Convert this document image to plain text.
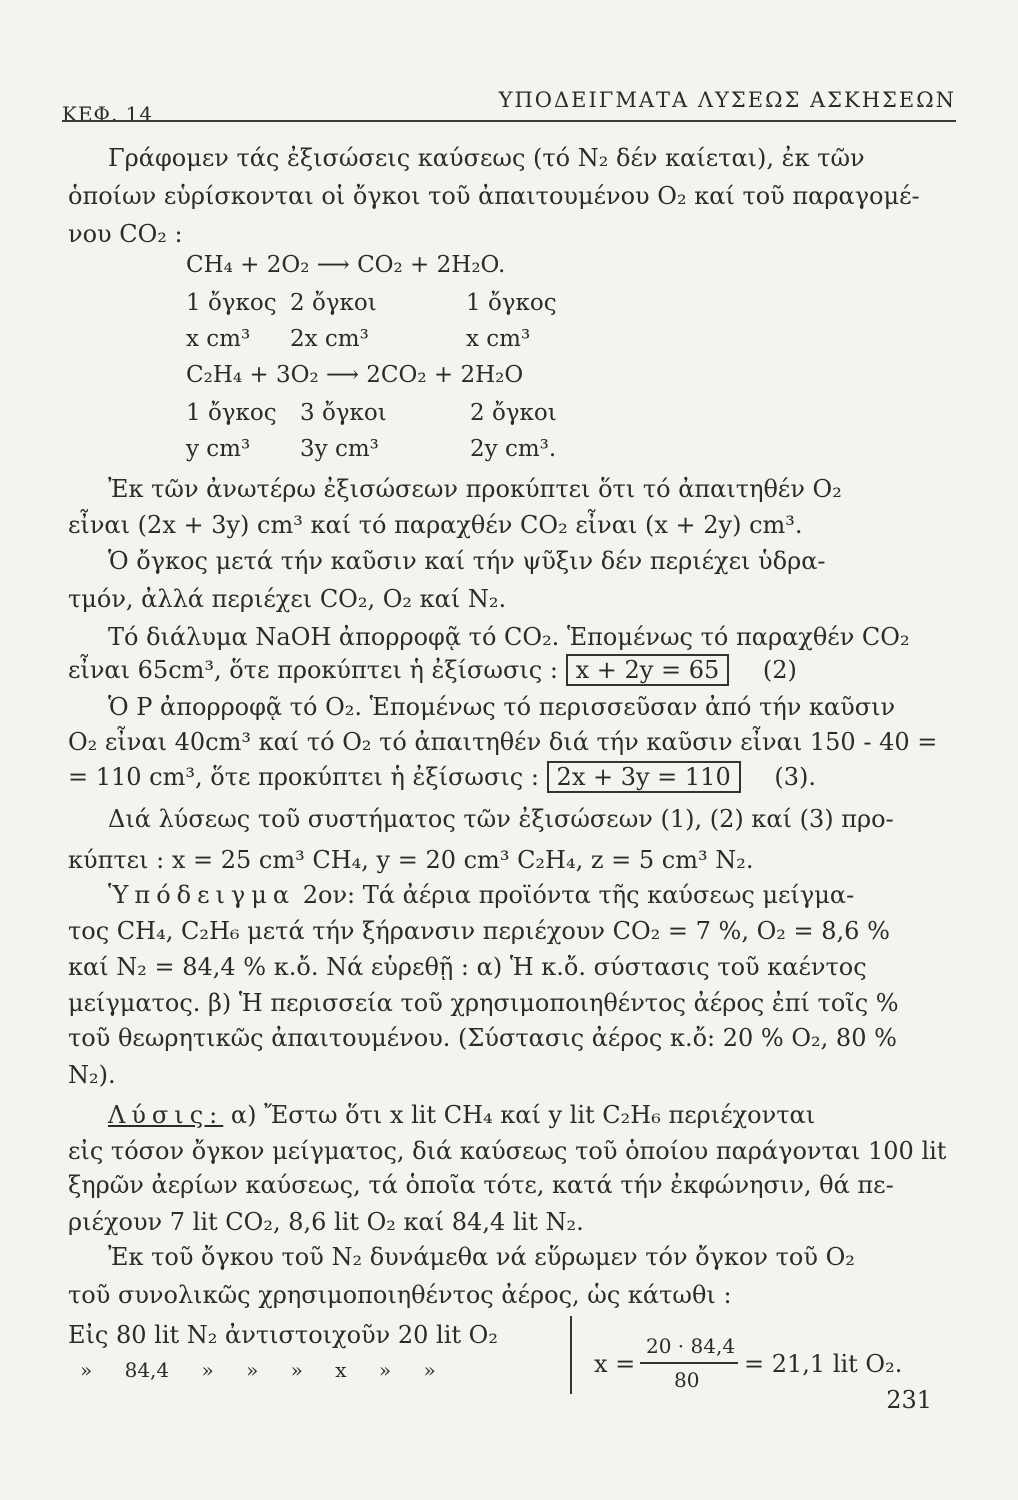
ΚΕΦ. 14
ΥΠΟΔΕΙΓΜΑΤΑ ΛΥΣΕΩΣ ΑΣΚΗΣΕΩΝ
Γράφομεν τάς ἐξισώσεις καύσεως (τό N₂ δέν καίεται), ἐκ τῶν
ὁποίων εὑρίσκονται οἱ ὄγκοι τοῦ ἀπαιτουμένου O₂ καί τοῦ παραγομέ-
νου CO₂ :
CH₄ + 2O₂ ⟶ CO₂ + 2H₂O.
1 ὄγκος 2 ὄγκοι	1 ὄγκος
x cm³ 2x cm³	x cm³
C₂H₄ + 3O₂ ⟶ 2CO₂ + 2H₂O
1 ὄγκος 3 ὄγκοι	2 ὄγκοι
y cm³ 3y cm³	2y cm³.
Ἐκ τῶν ἀνωτέρω ἐξισώσεων προκύπτει ὅτι τό ἀπαιτηθέν O₂
εἶναι (2x + 3y) cm³ καί τό παραχθέν CO₂ εἶναι (x + 2y) cm³.
Ὁ ὄγκος μετά τήν καῦσιν καί τήν ψῦξιν δέν περιέχει ὑδρα-
τμόν, ἀλλά περιέχει CO₂, O₂ καί N₂.
Τό διάλυμα NaOH ἀπορροφᾷ τό CO₂. Ἑπομένως τό παραχθέν CO₂
εἶναι 65cm³, ὅτε προκύπτει ἡ ἐξίσωσις : x + 2y = 65 (2)
Ὁ P ἀπορροφᾷ τό O₂. Ἑπομένως τό περισσεῦσαν ἀπό τήν καῦσιν
O₂ εἶναι 40cm³ καί τό O₂ τό ἀπαιτηθέν διά τήν καῦσιν εἶναι 150 - 40 =
= 110 cm³, ὅτε προκύπτει ἡ ἐξίσωσις : 2x + 3y = 110 (3).
Διά λύσεως τοῦ συστήματος τῶν ἐξισώσεων (1), (2) καί (3) προ-
κύπτει : x = 25 cm³ CH₄, y = 20 cm³ C₂H₄, z = 5 cm³ N₂.
Ὑπόδειγμα 2ον: Τά ἀέρια προϊόντα τῆς καύσεως μείγμα-
τος CH₄, C₂H₆ μετά τήν ξήρανσιν περιέχουν CO₂ = 7 %, O₂ = 8,6 %
καί N₂ = 84,4 % κ.ὄ. Νά εὑρεθῇ : α) Ἡ κ.ὄ. σύστασις τοῦ καέντος
μείγματος. β) Ἡ περισσεία τοῦ χρησιμοποιηθέντος ἀέρος ἐπί τοῖς %
τοῦ θεωρητικῶς ἀπαιτουμένου. (Σύστασις ἀέρος κ.ὄ: 20 % O₂, 80 %
N₂).
Λύσις: α) Ἔστω ὅτι x lit CH₄ καί y lit C₂H₆ περιέχονται
εἰς τόσον ὄγκον μείγματος, διά καύσεως τοῦ ὁποίου παράγονται 100 lit
ξηρῶν ἀερίων καύσεως, τά ὁποῖα τότε, κατά τήν ἐκφώνησιν, θά πε-
ριέχουν 7 lit CO₂, 8,6 lit O₂ καί 84,4 lit N₂.
Ἐκ τοῦ ὄγκου τοῦ N₂ δυνάμεθα νά εὕρωμεν τόν ὄγκον τοῦ O₂
τοῦ συνολικῶς χρησιμοποιηθέντος ἀέρος, ὡς κάτωθι :
Εἰς 80 lit N₂ ἀντιστοιχοῦν 20 lit O₂
» 84,4 » » » x » »	x =
20 · 84,4
80
= 21,1 lit O₂.
231
